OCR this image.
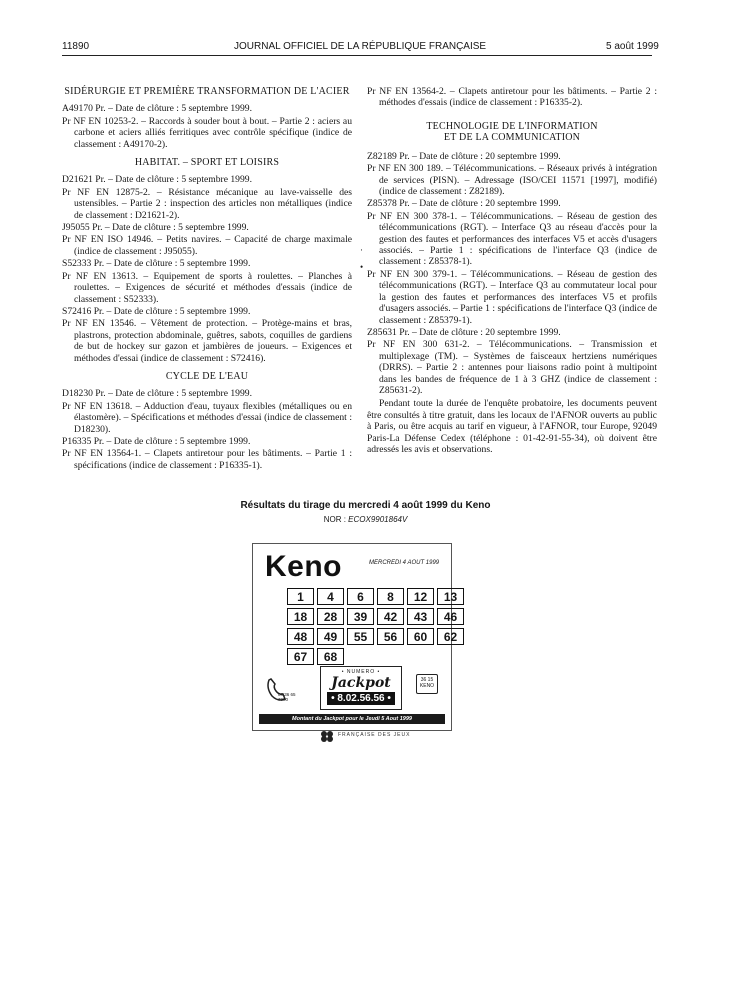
11890	JOURNAL OFFICIEL DE LA RÉPUBLIQUE FRANÇAISE	5 août 1999
SIDÉRURGIE ET PREMIÈRE TRANSFORMATION DE L'ACIER
A49170 Pr. – Date de clôture : 5 septembre 1999.
Pr NF EN 10253-2. – Raccords à souder bout à bout. – Partie 2 : aciers au carbone et aciers alliés ferritiques avec contrôle spécifique (indice de classement : A49170-2).
HABITAT. – SPORT ET LOISIRS
D21621 Pr. – Date de clôture : 5 septembre 1999.
Pr NF EN 12875-2. – Résistance mécanique au lave-vaisselle des ustensibles. – Partie 2 : inspection des articles non métalliques (indice de classement : D21621-2).
J95055 Pr. – Date de clôture : 5 septembre 1999.
Pr NF EN ISO 14946. – Petits navires. – Capacité de charge maximale (indice de classement : J95055).
S52333 Pr. – Date de clôture : 5 septembre 1999.
Pr NF EN 13613. – Equipement de sports à roulettes. – Planches à roulettes. – Exigences de sécurité et méthodes d'essais (indice de classement : S52333).
S72416 Pr. – Date de clôture : 5 septembre 1999.
Pr NF EN 13546. – Vêtement de protection. – Protège-mains et bras, plastrons, protection abdominale, guêtres, sabots, coquilles de gardiens de but de hockey sur gazon et jambières de joueurs. – Exigences et méthodes d'essai (indice de classement : S72416).
CYCLE DE L'EAU
D18230 Pr. – Date de clôture : 5 septembre 1999.
Pr NF EN 13618. – Adduction d'eau, tuyaux flexibles (métalliques ou en élastomère). – Spécifications et méthodes d'essai (indice de classement : D18230).
P16335 Pr. – Date de clôture : 5 septembre 1999.
Pr NF EN 13564-1. – Clapets antiretour pour les bâtiments. – Partie 1 : spécifications (indice de classement : P16335-1).
Pr NF EN 13564-2. – Clapets antiretour pour les bâtiments. – Partie 2 : méthodes d'essais (indice de classement : P16335-2).
TECHNOLOGIE DE L'INFORMATION
ET DE LA COMMUNICATION
Z82189 Pr. – Date de clôture : 20 septembre 1999.
Pr NF EN 300 189. – Télécommunications. – Réseaux privés à intégration de services (PISN). – Adressage (ISO/CEI 11571 [1997], modifié) (indice de classement : Z82189).
Z85378 Pr. – Date de clôture : 20 septembre 1999.
Pr NF EN 300 378-1. – Télécommunications. – Réseau de gestion des télécommunications (RGT). – Interface Q3 au réseau d'accès pour la gestion des fautes et performances des interfaces V5 et accès d'usagers associés. – Partie 1 : spécifications de l'interface Q3 (indice de classement : Z85378-1).
Pr NF EN 300 379-1. – Télécommunications. – Réseau de gestion des télécommunications (RGT). – Interface Q3 au commutateur local pour la gestion des fautes et performances des interfaces V5 et profils d'usagers associés. – Partie 1 : spécifications de l'interface Q3 (indice de classement : Z85379-1).
Z85631 Pr. – Date de clôture : 20 septembre 1999.
Pr NF EN 300 631-2. – Télécommunications. – Transmission et multiplexage (TM). – Systèmes de faisceaux hertziens numériques (DRRS). – Partie 2 : antennes pour liaisons radio point à multipoint dans les bandes de fréquence de 1 à 3 GHZ (indice de classement : Z85631-2).
Pendant toute la durée de l'enquête probatoire, les documents peuvent être consultés à titre gratuit, dans les locaux de l'AFNOR ouverts au public à Paris, ou être acquis au tarif en vigueur, à l'AFNOR, tour Europe, 92049 Paris-La Défense Cedex (téléphone : 01-42-91-55-34), où doivent être adressés les avis et observations.
Résultats du tirage du mercredi 4 août 1999 du Keno
NOR : ECOX9901864V
Keno	MERCREDI 4 AOUT 1999
1	4	6	8	12	13
18	28	39	42	43	46
48	49	55	56	60	62
67	68
08 36 65
7000
• NUMERO •
Jackpot
• 8.02.56.56 •
36 15
KENO
Montant du Jackpot pour le Jeudi 5 Aout 1999
FRANÇAISE DES JEUX
·
•
